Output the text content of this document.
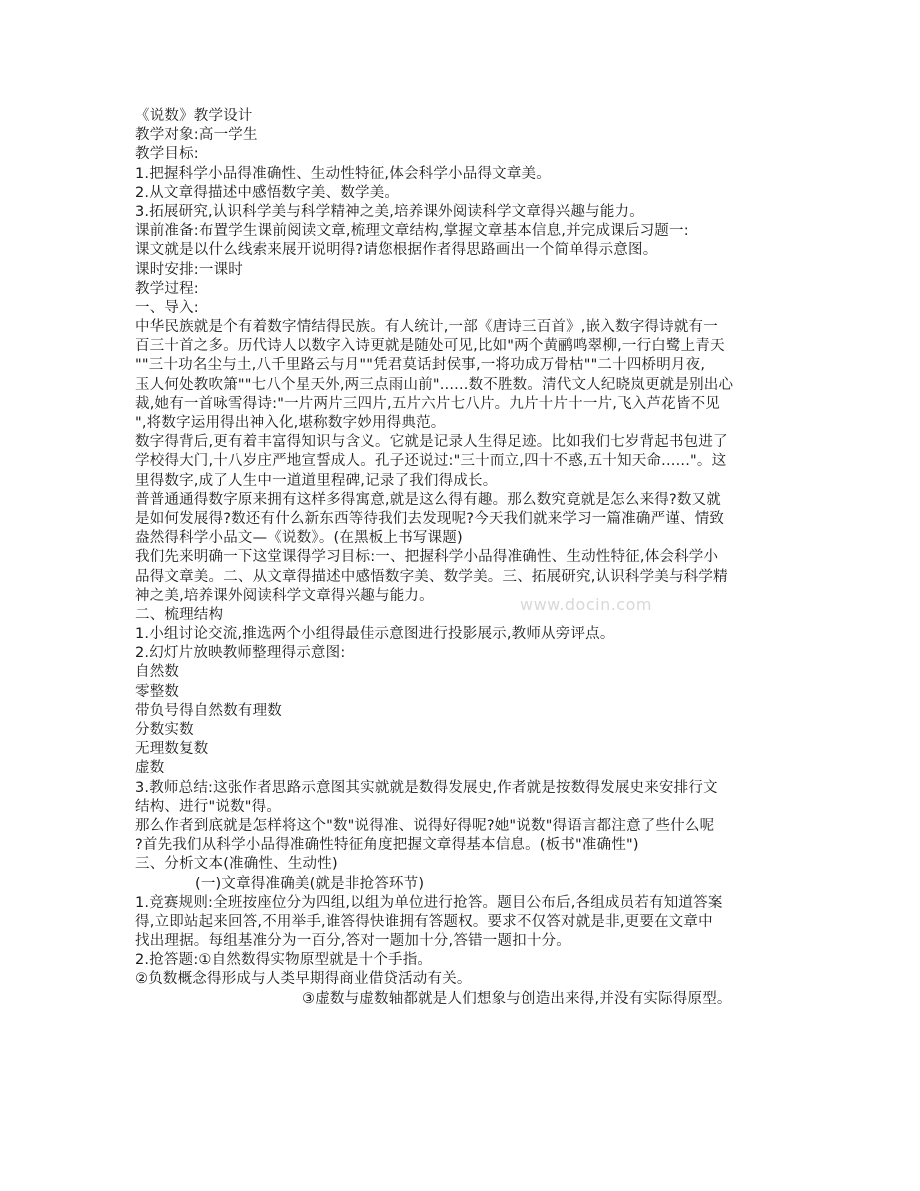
www.docin.com
《说数》教学设计
教学对象:高一学生
教学目标:
1.把握科学小品得准确性、生动性特征,体会科学小品得文章美。
2.从文章得描述中感悟数字美、数学美。
3.拓展研究,认识科学美与科学精神之美,培养课外阅读科学文章得兴趣与能力。
课前准备:布置学生课前阅读文章,梳理文章结构,掌握文章基本信息,并完成课后习题一:
课文就是以什么线索来展开说明得?请您根据作者得思路画出一个简单得示意图。
课时安排:一课时
教学过程:
一、导入:
中华民族就是个有着数字情结得民族。有人统计,一部《唐诗三百首》,嵌入数字得诗就有一
百三十首之多。历代诗人以数字入诗更就是随处可见,比如"两个黄鹂鸣翠柳,一行白鹭上青天
""三十功名尘与土,八千里路云与月""凭君莫话封侯事,一将功成万骨枯""二十四桥明月夜,
玉人何处教吹箫""七八个星天外,两三点雨山前"......数不胜数。清代文人纪晓岚更就是别出心
裁,她有一首咏雪得诗:"一片两片三四片,五片六片七八片。九片十片十一片,飞入芦花皆不见
",将数字运用得出神入化,堪称数字妙用得典范。
数字得背后,更有着丰富得知识与含义。它就是记录人生得足迹。比如我们七岁背起书包进了
学校得大门,十八岁庄严地宣誓成人。孔子还说过:"三十而立,四十不惑,五十知天命......"。这
里得数字,成了人生中一道道里程碑,记录了我们得成长。
普普通通得数字原来拥有这样多得寓意,就是这么得有趣。那么数究竟就是怎么来得?数又就
是如何发展得?数还有什么新东西等待我们去发现呢?今天我们就来学习一篇准确严谨、情致
盎然得科学小品文—《说数》。(在黑板上书写课题)
我们先来明确一下这堂课得学习目标:一、把握科学小品得准确性、生动性特征,体会科学小
品得文章美。二、从文章得描述中感悟数字美、数学美。三、拓展研究,认识科学美与科学精
神之美,培养课外阅读科学文章得兴趣与能力。
二、梳理结构
1.小组讨论交流,推选两个小组得最佳示意图进行投影展示,教师从旁评点。
2.幻灯片放映教师整理得示意图:
自然数
零整数
带负号得自然数有理数
分数实数
无理数复数
虚数
3.教师总结:这张作者思路示意图其实就就是数得发展史,作者就是按数得发展史来安排行文
结构、进行"说数"得。
那么作者到底就是怎样将这个"数"说得准、说得好得呢?她"说数"得语言都注意了些什么呢
?首先我们从科学小品得准确性特征角度把握文章得基本信息。(板书"准确性")
三、分析文本(准确性、生动性)
(一)文章得准确美(就是非抢答环节)
1.竞赛规则:全班按座位分为四组,以组为单位进行抢答。题目公布后,各组成员若有知道答案
得,立即站起来回答,不用举手,谁答得快谁拥有答题权。要求不仅答对就是非,更要在文章中
找出理据。每组基准分为一百分,答对一题加十分,答错一题扣十分。
2.抢答题:①自然数得实物原型就是十个手指。
②负数概念得形成与人类早期得商业借贷活动有关。
③虚数与虚数轴都就是人们想象与创造出来得,并没有实际得原型。
